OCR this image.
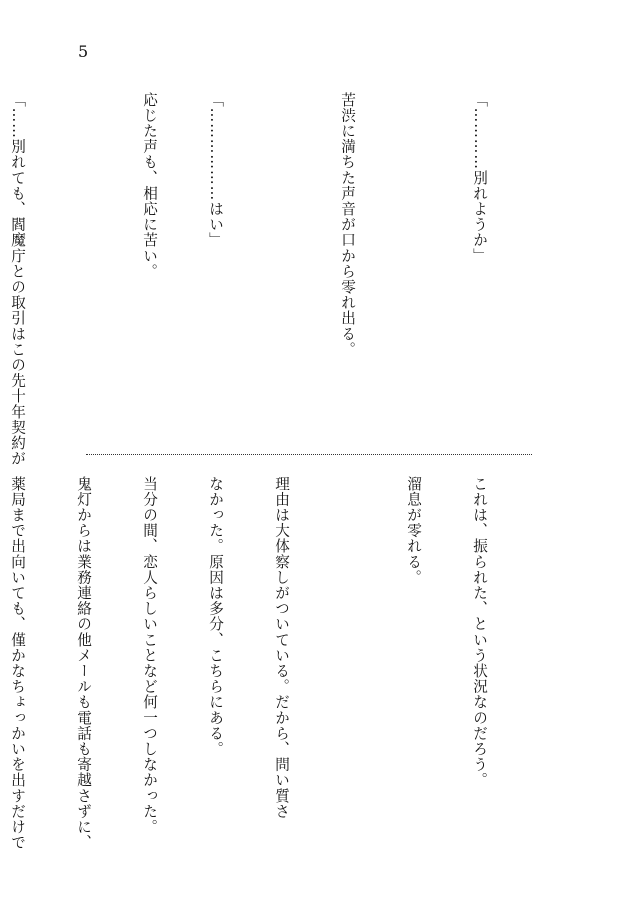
5

「…………別れようか」

苦渋に満ちた声音が口から零れ出る。

「………………はい」

応じた声も、相応に苦い。

「……別れても、閻魔庁との取引はこの先十年契約が

これは、振られた、という状況なのだろう。

溜息が零れる。

理由は大体察しがついている。だから、問い質さ

なかった。原因は多分、こちらにある。

当分の間、恋人らしいことなど何一つしなかった。

鬼灯からは業務連絡の他メールも電話も寄越さずに、

薬局まで出向いても、僅かなちょっかいを出すだけで
